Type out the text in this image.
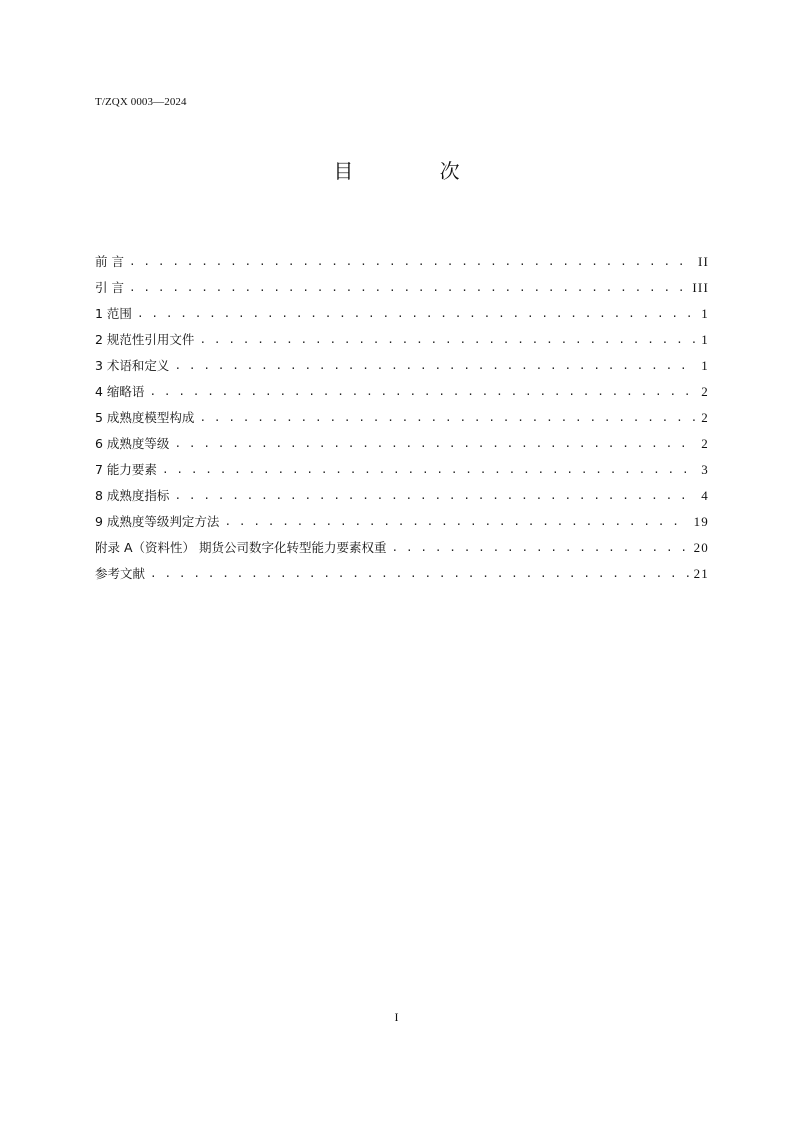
T/ZQX 0003—2024
目 次
前 言 . . .	II
引 言 . . .	III
1 范围 . . .	1
2 规范性引用文件 . . .	1
3 术语和定义 . . .	1
4 缩略语 . . .	2
5 成熟度模型构成 . . .	2
6 成熟度等级 . . .	2
7 能力要素 . . .	3
8 成熟度指标 . . .	4
9 成熟度等级判定方法 . . .	19
附录 A（资料性） 期货公司数字化转型能力要素权重 . . .	20
参考文献 . . .	21
I
